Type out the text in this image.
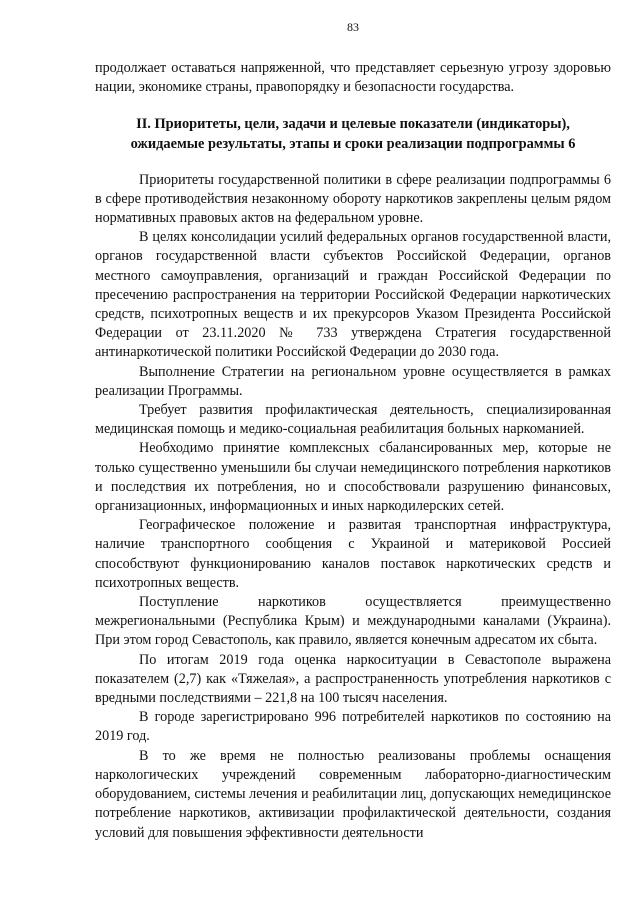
83

продолжает оставаться напряженной, что представляет серьезную угрозу здоровью нации, экономике страны, правопорядку и безопасности государства.

II. Приоритеты, цели, задачи и целевые показатели (индикаторы),
ожидаемые результаты, этапы и сроки реализации подпрограммы 6

Приоритеты государственной политики в сфере реализации подпрограммы 6 в сфере противодействия незаконному обороту наркотиков закреплены целым рядом нормативных правовых актов на федеральном уровне.

В целях консолидации усилий федеральных органов государственной власти, органов государственной власти субъектов Российской Федерации, органов местного самоуправления, организаций и граждан Российской Федерации по пресечению распространения на территории Российской Федерации наркотических средств, психотропных веществ и их прекурсоров Указом Президента Российской Федерации от 23.11.2020 № 733 утверждена Стратегия государственной антинаркотической политики Российской Федерации до 2030 года.

Выполнение Стратегии на региональном уровне осуществляется в рамках реализации Программы.

Требует развития профилактическая деятельность, специализированная медицинская помощь и медико-социальная реабилитация больных наркоманией.

Необходимо принятие комплексных сбалансированных мер, которые не только существенно уменьшили бы случаи немедицинского потребления наркотиков и последствия их потребления, но и способствовали разрушению финансовых, организационных, информационных и иных наркодилерских сетей.

Географическое положение и развитая транспортная инфраструктура, наличие транспортного сообщения с Украиной и материковой Россией способствуют функционированию каналов поставок наркотических средств и психотропных веществ.

Поступление наркотиков осуществляется преимущественно межрегиональными (Республика Крым) и международными каналами (Украина). При этом город Севастополь, как правило, является конечным адресатом их сбыта.

По итогам 2019 года оценка наркоситуации в Севастополе выражена показателем (2,7) как «Тяжелая», а распространенность употребления наркотиков с вредными последствиями – 221,8 на 100 тысяч населения.

В городе зарегистрировано 996 потребителей наркотиков по состоянию на 2019 год.

В то же время не полностью реализованы проблемы оснащения наркологических учреждений современным лабораторно-диагностическим оборудованием, системы лечения и реабилитации лиц, допускающих немедицинское потребление наркотиков, активизации профилактической деятельности, создания условий для повышения эффективности деятельности
